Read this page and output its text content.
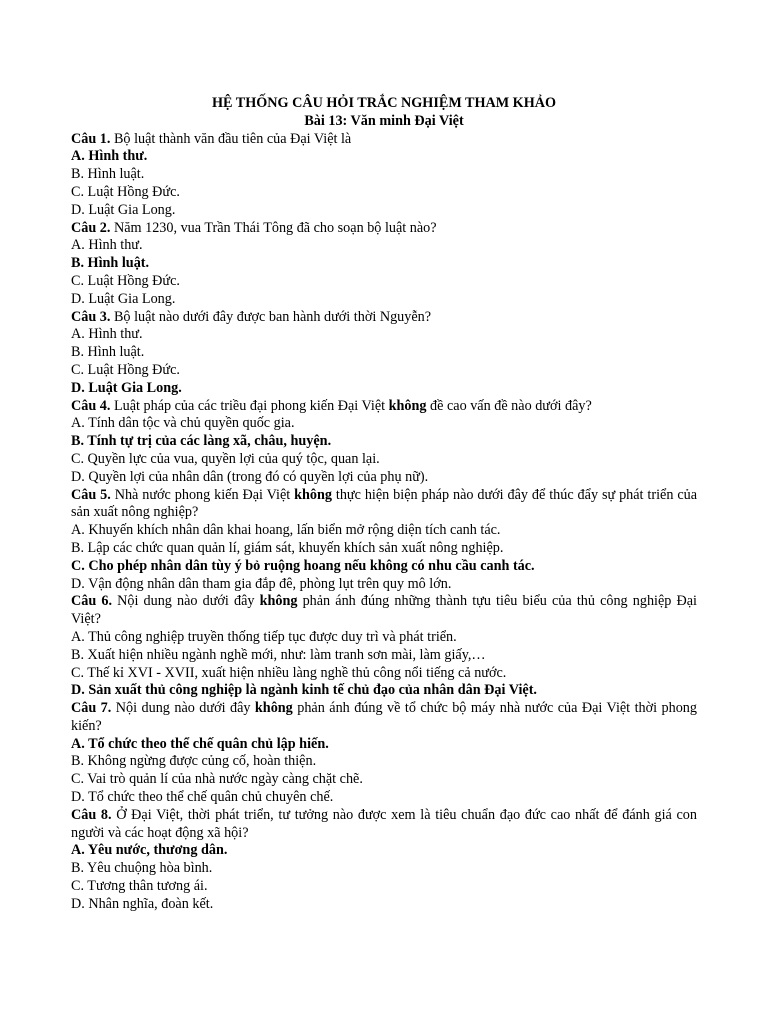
HỆ THỐNG CÂU HỎI TRẮC NGHIỆM THAM KHẢO
Bài 13: Văn minh Đại Việt
Câu 1. Bộ luật thành văn đầu tiên của Đại Việt là
A. Hình thư.
B. Hình luật.
C. Luật Hồng Đức.
D. Luật Gia Long.
Câu 2. Năm 1230, vua Trần Thái Tông đã cho soạn bộ luật nào?
A. Hình thư.
B. Hình luật.
C. Luật Hồng Đức.
D. Luật Gia Long.
Câu 3. Bộ luật nào dưới đây được ban hành dưới thời Nguyễn?
A. Hình thư.
B. Hình luật.
C. Luật Hồng Đức.
D. Luật Gia Long.
Câu 4. Luật pháp của các triều đại phong kiến Đại Việt không đề cao vấn đề nào dưới đây?
A. Tính dân tộc và chủ quyền quốc gia.
B. Tính tự trị của các làng xã, châu, huyện.
C. Quyền lực của vua, quyền lợi của quý tộc, quan lại.
D. Quyền lợi của nhân dân (trong đó có quyền lợi của phụ nữ).
Câu 5. Nhà nước phong kiến Đại Việt không thực hiện biện pháp nào dưới đây để thúc đẩy sự phát triển của sản xuất nông nghiệp?
A. Khuyến khích nhân dân khai hoang, lấn biển mở rộng diện tích canh tác.
B. Lập các chức quan quản lí, giám sát, khuyến khích sản xuất nông nghiệp.
C. Cho phép nhân dân tùy ý bỏ ruộng hoang nếu không có nhu cầu canh tác.
D. Vận động nhân dân tham gia đắp đê, phòng lụt trên quy mô lớn.
Câu 6. Nội dung nào dưới đây không phản ánh đúng những thành tựu tiêu biểu của thủ công nghiệp Đại Việt?
A. Thủ công nghiệp truyền thống tiếp tục được duy trì và phát triển.
B. Xuất hiện nhiều ngành nghề mới, như: làm tranh sơn mài, làm giấy,…
C. Thế kỉ XVI - XVII, xuất hiện nhiều làng nghề thủ công nổi tiếng cả nước.
D. Sản xuất thủ công nghiệp là ngành kinh tế chủ đạo của nhân dân Đại Việt.
Câu 7. Nội dung nào dưới đây không phản ánh đúng về tổ chức bộ máy nhà nước của Đại Việt thời phong kiến?
A. Tổ chức theo thể chế quân chủ lập hiến.
B. Không ngừng được củng cố, hoàn thiện.
C. Vai trò quản lí của nhà nước ngày càng chặt chẽ.
D. Tổ chức theo thể chế quân chủ chuyên chế.
Câu 8. Ở Đại Việt, thời phát triển, tư tưởng nào được xem là tiêu chuẩn đạo đức cao nhất để đánh giá con người và các hoạt động xã hội?
A. Yêu nước, thương dân.
B. Yêu chuộng hòa bình.
C. Tương thân tương ái.
D. Nhân nghĩa, đoàn kết.
